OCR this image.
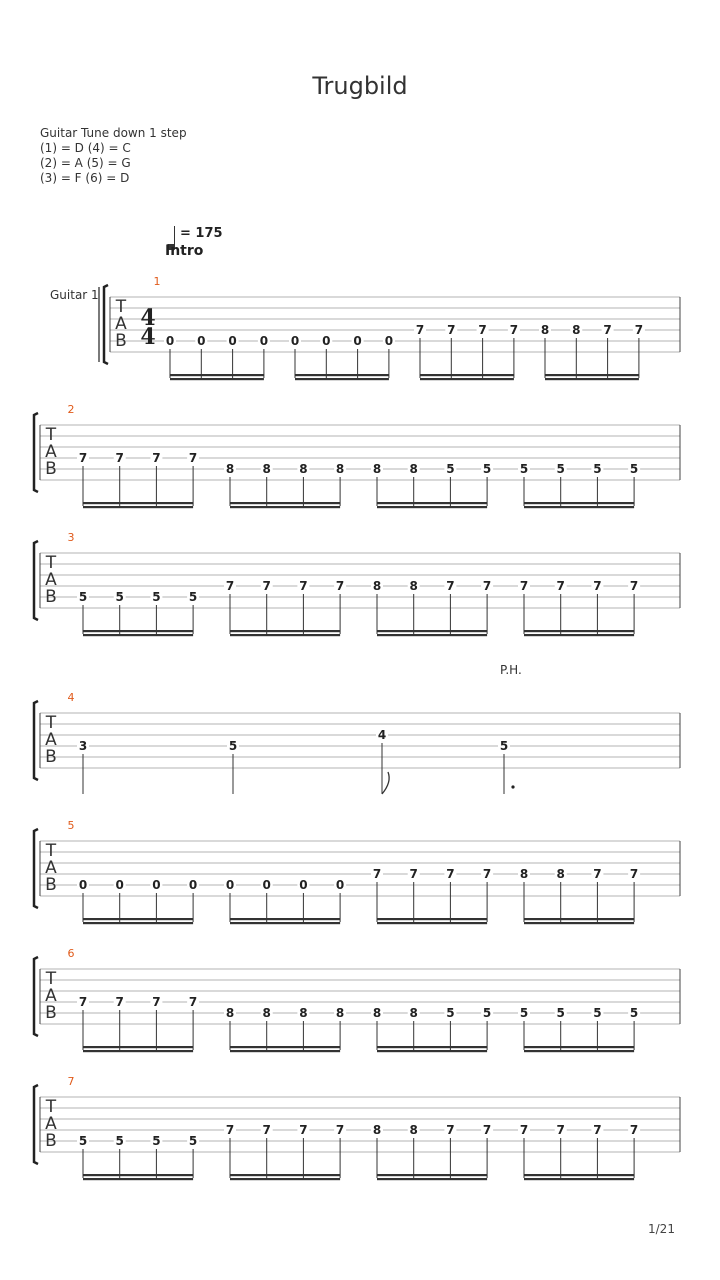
Trugbild
Guitar Tune down 1 step
(1) = D (4) = C
(2) = A (5) = G
(3) = F (6) = D
= 175
Intro
Guitar 1
P.H.
1/21
T
A
B
4
4
1
0 0 0 0 0 0 0 0
7 7 7 7 8 8 7 7
T
A
B
2
7 7 7 7
8 8 8 8 8 8 5 5 5 5 5 5
T
A
B
3
5 5 5 5
7 7 7 7 8 8 7 7 7 7 7 7
T
A
B
4
3	5
4
5
T
A
B
5
0 0 0 0 0 0 0 0
7 7 7 7 8 8 7 7
T
A
B
6
7 7 7 7
8 8 8 8 8 8 5 5 5 5 5 5
T
A
B
7
5 5 5 5
7 7 7 7 8 8 7 7 7 7 7 7
